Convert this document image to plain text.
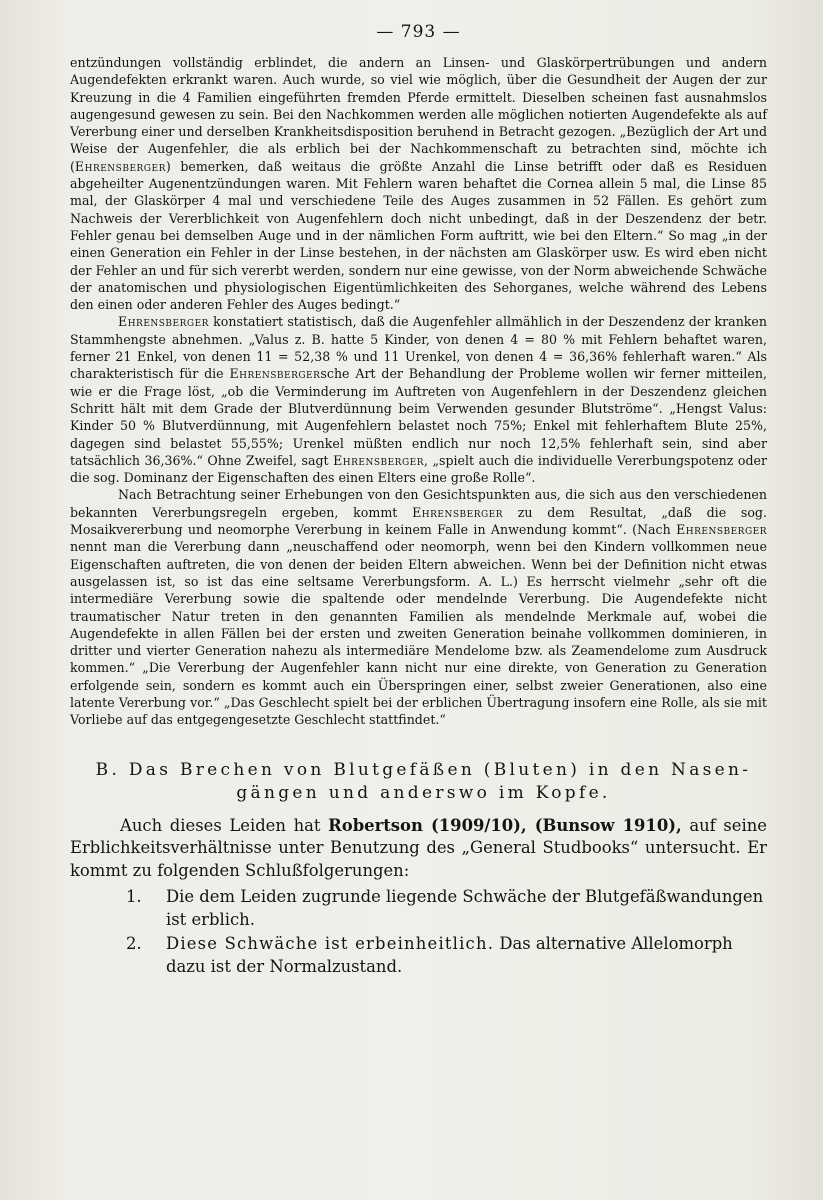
— 793 —

entzündungen vollständig erblindet, die andern an Linsen- und Glaskörpertrübungen und andern Augendefekten erkrankt waren. Auch wurde, so viel wie möglich, über die Gesundheit der Augen der zur Kreuzung in die 4 Familien eingeführten fremden Pferde ermittelt. Dieselben scheinen fast ausnahmslos augengesund gewesen zu sein. Bei den Nachkommen werden alle möglichen notierten Augendefekte als auf Vererbung einer und derselben Krankheitsdisposition beruhend in Betracht gezogen. „Bezüglich der Art und Weise der Augenfehler, die als erblich bei der Nachkommenschaft zu betrachten sind, möchte ich (Ehrensberger) bemerken, daß weitaus die größte Anzahl die Linse betrifft oder daß es Residuen abgeheilter Augenentzündungen waren. Mit Fehlern waren behaftet die Cornea allein 5 mal, die Linse 85 mal, der Glaskörper 4 mal und verschiedene Teile des Auges zusammen in 52 Fällen. Es gehört zum Nachweis der Vererblichkeit von Augenfehlern doch nicht unbedingt, daß in der Deszendenz der betr. Fehler genau bei demselben Auge und in der nämlichen Form auftritt, wie bei den Eltern.“ So mag „in der einen Generation ein Fehler in der Linse bestehen, in der nächsten am Glaskörper usw. Es wird eben nicht der Fehler an und für sich vererbt werden, sondern nur eine gewisse, von der Norm abweichende Schwäche der anatomischen und physiologischen Eigentümlichkeiten des Sehorganes, welche während des Lebens den einen oder anderen Fehler des Auges bedingt.“

Ehrensberger konstatiert statistisch, daß die Augenfehler allmählich in der Deszendenz der kranken Stammhengste abnehmen. „Valus z. B. hatte 5 Kinder, von denen 4 = 80 % mit Fehlern behaftet waren, ferner 21 Enkel, von denen 11 = 52,38 % und 11 Urenkel, von denen 4 = 36,36% fehlerhaft waren.“ Als charakteristisch für die Ehrensbergersche Art der Behandlung der Probleme wollen wir ferner mitteilen, wie er die Frage löst, „ob die Verminderung im Auftreten von Augenfehlern in der Deszendenz gleichen Schritt hält mit dem Grade der Blutverdünnung beim Verwenden gesunder Blutströme“. „Hengst Valus: Kinder 50 % Blutverdünnung, mit Augenfehlern belastet noch 75%; Enkel mit fehlerhaftem Blute 25%, dagegen sind belastet 55,55%; Urenkel müßten endlich nur noch 12,5% fehlerhaft sein, sind aber tatsächlich 36,36%.“ Ohne Zweifel, sagt Ehrensberger, „spielt auch die individuelle Vererbungspotenz oder die sog. Dominanz der Eigenschaften des einen Elters eine große Rolle“.

Nach Betrachtung seiner Erhebungen von den Gesichtspunkten aus, die sich aus den verschiedenen bekannten Vererbungsregeln ergeben, kommt Ehrensberger zu dem Resultat, „daß die sog. Mosaikvererbung und neomorphe Vererbung in keinem Falle in Anwendung kommt“. (Nach Ehrensberger nennt man die Vererbung dann „neuschaffend oder neomorph, wenn bei den Kindern vollkommen neue Eigenschaften auftreten, die von denen der beiden Eltern abweichen. Wenn bei der Definition nicht etwas ausgelassen ist, so ist das eine seltsame Vererbungsform. A. L.) Es herrscht vielmehr „sehr oft die intermediäre Vererbung sowie die spaltende oder mendelnde Vererbung. Die Augendefekte nicht traumatischer Natur treten in den genannten Familien als mendelnde Merkmale auf, wobei die Augendefekte in allen Fällen bei der ersten und zweiten Generation beinahe vollkommen dominieren, in dritter und vierter Generation nahezu als intermediäre Mendelome bzw. als Zeamendelome zum Ausdruck kommen.“ „Die Vererbung der Augenfehler kann nicht nur eine direkte, von Generation zu Generation erfolgende sein, sondern es kommt auch ein Überspringen einer, selbst zweier Generationen, also eine latente Vererbung vor.“ „Das Geschlecht spielt bei der erblichen Übertragung insofern eine Rolle, als sie mit Vorliebe auf das entgegengesetzte Geschlecht stattfindet.“

B. Das Brechen von Blutgefäßen (Bluten) in den Nasen-
gängen und anderswo im Kopfe.

Auch dieses Leiden hat Robertson (1909/10), (Bunsow 1910), auf seine Erblichkeitsverhältnisse unter Benutzung des „General Studbooks“ untersucht. Er kommt zu folgenden Schlußfolgerungen:

1.	Die dem Leiden zugrunde liegende Schwäche der Blutgefäßwandungen ist erblich.
2.	Diese Schwäche ist erbeinheitlich. Das alternative Allelomorph dazu ist der Normalzustand.
